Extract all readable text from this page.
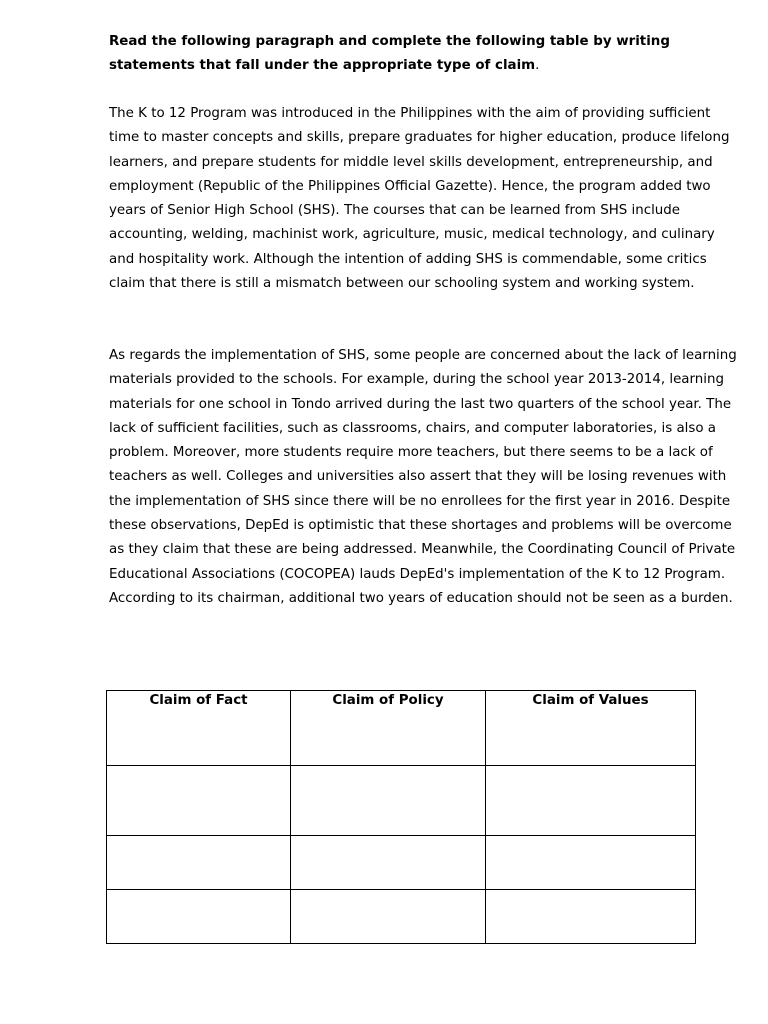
Read the following paragraph and complete the following table by writing statements that fall under the appropriate type of claim.

The K to 12 Program was introduced in the Philippines with the aim of providing sufficient time to master concepts and skills, prepare graduates for higher education, produce lifelong learners, and prepare students for middle level skills development, entrepreneurship, and employment (Republic of the Philippines Official Gazette). Hence, the program added two years of Senior High School (SHS). The courses that can be learned from SHS include accounting, welding, machinist work, agriculture, music, medical technology, and culinary and hospitality work. Although the intention of adding SHS is commendable, some critics claim that there is still a mismatch between our schooling system and working system.

As regards the implementation of SHS, some people are concerned about the lack of learning materials provided to the schools. For example, during the school year 2013-2014, learning materials for one school in Tondo arrived during the last two quarters of the school year. The lack of sufficient facilities, such as classrooms, chairs, and computer laboratories, is also a problem. Moreover, more students require more teachers, but there seems to be a lack of teachers as well. Colleges and universities also assert that they will be losing revenues with the implementation of SHS since there will be no enrollees for the first year in 2016. Despite these observations, DepEd is optimistic that these shortages and problems will be overcome as they claim that these are being addressed. Meanwhile, the Coordinating Council of Private Educational Associations (COCOPEA) lauds DepEd's implementation of the K to 12 Program. According to its chairman, additional two years of education should not be seen as a burden.

Claim of Fact	Claim of Policy	Claim of Values
